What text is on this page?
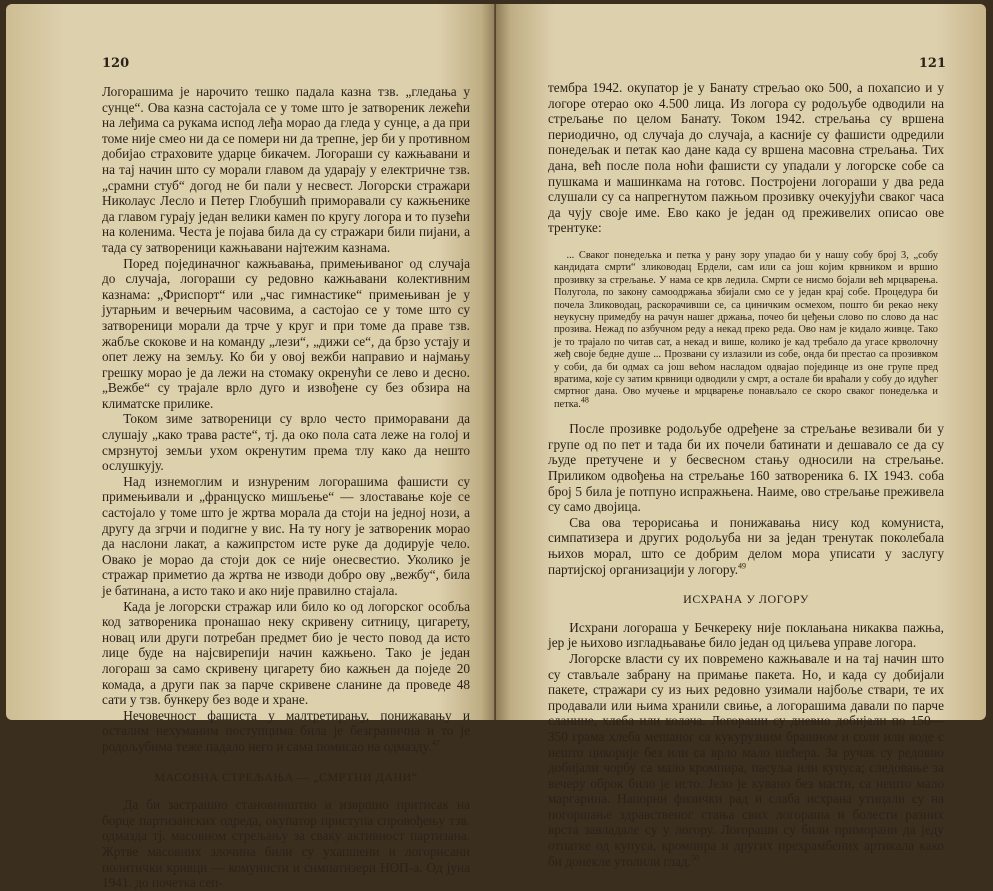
120

Логорашима је нарочито тешко падала казна тзв. „гледања у сунце“. Ова казна састојала се у томе што је затвореник лежећи на леђима са рукама испод леђа морао да гледа у сунце, а да при томе није смео ни да се помери ни да трепне, јер би у противном добијао страховите ударце бикачем. Логораши су кажњавани и на тај начин што су морали главом да ударају у електричне тзв. „срамни стуб“ догод не би пали у несвест. Логорски стражари Николаус Лесло и Петер Глобушић приморавали су кажњенике да главом гурају један велики камен по кругу логора и то пузећи на коленима. Честа је појава била да су стражари били пијани, а тада су затвореници кажњавани најтежим казнама.

Поред појединачног кажњавања, примењиваног од случаја до случаја, логораши су редовно кажњавани колективним казнама: „Фриспорт“ или „час гимнастике“ примењиван је у јутарњим и вечерњим часовима, а састојао се у томе што су затвореници морали да трче у круг и при томе да праве тзв. жабље скокове и на команду „лези“, „дижи се“, да брзо устају и опет лежу на земљу. Ко би у овој вежби направио и најмању грешку морао је да лежи на стомаку окренући се лево и десно. „Вежбе“ су трајале врло дуго и извођене су без обзира на климатске прилике.

Током зиме затвореници су врло често приморавани да слушају „како трава расте“, тј. да око пола сата леже на голој и смрзнутој земљи ухом окренутим према тлу како да нешто ослушкују.

Над изнемоглим и изнуреним логорашима фашисти су примењивали и „француско мишљење“ — злоставање које се састојало у томе што је жртва морала да стоји на једној нози, а другу да згрчи и подигне у вис. На ту ногу је затвореник морао да наслони лакат, а кажипрстом исте руке да додирује чело. Овако је морао да стоји док се није онесвестио. Уколико је стражар приметио да жртва не изводи добро ову „вежбу“, била је батинана, а исто тако и ако није правилно стајала.

Када је логорски стражар или било ко од логорског особља код затвореника пронашао неку скривену ситницу, цигарету, новац или други потребан предмет био је често повод да исто лице буде на најсвирепији начин кажњено. Тако је један логораш за само скривену цигарету био кажњен да поједе 20 комада, а други пак за парче скривене сланине да проведе 48 сати у тзв. бункеру без воде и хране.

Нечовечност фашиста у малтретирању, понижавању и осталим нехуманим поступцима била је безгранична и то је родољубима теже падало него и сама помисао на одмаздy.$^{47}$

МАСОВНА СТРЕЉАЊА — „СМРТНИ ДАНИ“

Да би застрашио становништво и извршио притисак на борце партизанских одреда, окупатор приступа спровођењу тзв. одмазда тј. масовном стрељању за сваку активност партизана. Жртве масовних злочина били су ухапшени и логорисани политички кривци — комунисти и симпатизери НОП-а. Од јуна 1941. до почетка сеп-

121

тембра 1942. окупатор је у Банату стрељао око 500, а похапсио и у логоре отерао око 4.500 лица. Из логора су родољубе одводили на стрељање по целом Банату. Током 1942. стрељања су вршена периодично, од случаја до случаја, а касније су фашисти одредили понедељак и петак као дане када су вршена масовна стрељања. Тих дана, већ после пола ноћи фашисти су упадали у логорске собе са пушкама и машинкама на готовс. Постројени логораши у два реда слушали су са напрегнутом пажњом прозивку очекујући сваког часа да чују своје име. Ево како је један од преживелих описао ове трентуке:

... Сваког понедељка и петка у рану зору упадао би у нашу собу број 3, „собу кандидата смрти“ злиководац Ердели, сам или са још којим крвником и вршио прозивку за стрељање. У нама се крв ледила. Смрти се нисмо бојали већ мрцварења. Полугола, по закону самоодржања збијали смо се у један крај собе. Процедура би почела Злиководац, раскорачивши се, са циничким осмехом, пошто би рекао неку неукусну примедбу на рачун нашег држања, почео би цеђењи слово по слово да нас прозива. Нежад по азбучном реду а некад преко реда. Ово нам је кидало живце. Тако је то трајало по читав сат, а некад и више, колико је кад требало да угасе крволочну жеђ своје беднe душе ... Прозвани су излазили из собе, онда би престао са прозивком у соби, да би одмах са још већом насладом одвајао појединце из оне групе пред вратима, које су затим крвници одводили у смрт, а остале би враћали у собу до идућег смртног дана. Ово мучење и мрцварење понављало се скоро сваког понедељка и петка.$^{48}$

После прозивке родољубе одређене за стрељање везивали би у групе од по пет и тада би их почели батинати и дешавало се да су људе претучене и у бесвесном стању односили на стрељање. Приликом одвођења на стрељање 160 затвореника 6. IX 1943. соба број 5 била је потпуно испражњена. Наиме, ово стрељање преживела су само двојица.

Сва ова терорисања и понижавања нису код комуниста, симпатизера и других родољуба ни за један тренутак поколебала њихов морал, што се добрим делом мора уписати у заслугу партијској организацији у логору.$^{49}$

ИСХРАНА У ЛОГОРУ

Исхрани логораша у Бечкереку није поклањана никаква пажња, јер је њихово изгладњавање било један од циљева управе логора.

Логорске власти су их повремено кажњавале и на тај начин што су стављале забрану на примање пакета. Но, и када су добијали пакете, стражари су из њих редовно узимали најбоље ствари, те их продавали или њима хранили свиње, а логорашима давали по парче сланине, хлеба или колача. Логораши су дневно добијали по 150—350 грама хлеба мешаног са кукурузним брашном и соли или воде с нешто цикорије без или са врло мало шећера. За ручак су редовно добијали чорбу са мало кромпира, пасуља или купуса; следовање за вечеру оброк било је исто. Јело је кувано без масти, са нешто мало маргарина. Напорни физички рад и слаба исхрана утицали су на погоршање здравственог стања свих логораша и болести разних врста завладале су у логору. Логораши су били приморани да једу отпатке од купуса, кромпира и других прехрамбених артикала како би донекле утолили глад.$^{50}$
